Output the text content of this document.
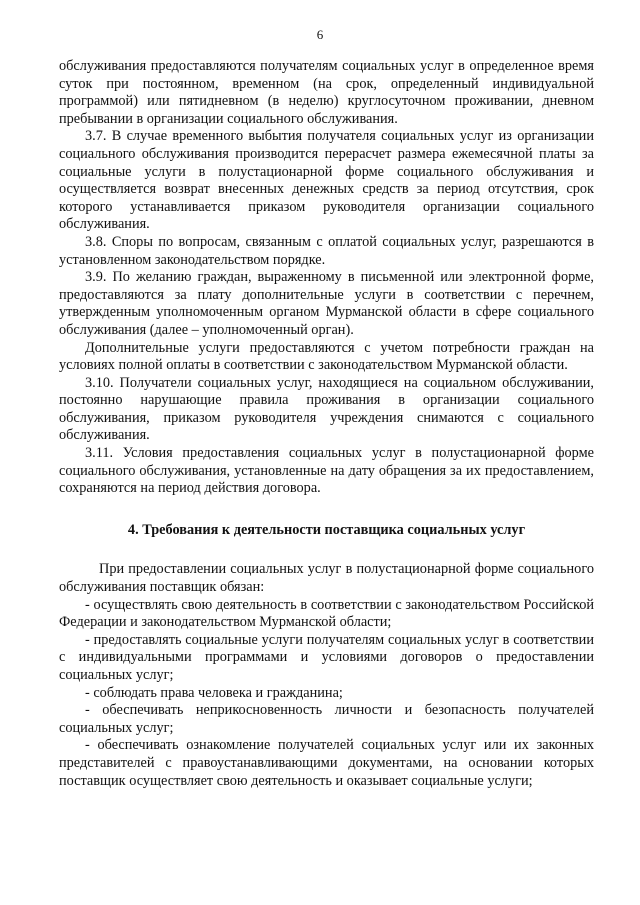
6

обслуживания предоставляются получателям социальных услуг в определенное время суток при постоянном, временном (на срок, определенный индивидуальной программой) или пятидневном (в неделю) круглосуточном проживании, дневном пребывании в организации социального обслуживания.

3.7. В случае временного выбытия получателя социальных услуг из организации социального обслуживания производится перерасчет размера ежемесячной платы за социальные услуги в полустационарной форме социального обслуживания и осуществляется возврат внесенных денежных средств за период отсутствия, срок которого устанавливается приказом руководителя организации социального обслуживания.

3.8. Споры по вопросам, связанным с оплатой социальных услуг, разрешаются в установленном законодательством порядке.

3.9. По желанию граждан, выраженному в письменной или электронной форме, предоставляются за плату дополнительные услуги в соответствии с перечнем, утвержденным уполномоченным органом Мурманской области в сфере социального обслуживания (далее – уполномоченный орган).

Дополнительные услуги предоставляются с учетом потребности граждан на условиях полной оплаты в соответствии с законодательством Мурманской области.

3.10. Получатели социальных услуг, находящиеся на социальном обслуживании, постоянно нарушающие правила проживания в организации социального обслуживания, приказом руководителя учреждения снимаются с социального обслуживания.

3.11. Условия предоставления социальных услуг в полустационарной форме социального обслуживания, установленные на дату обращения за их предоставлением, сохраняются на период действия договора.

4. Требования к деятельности поставщика социальных услуг

При предоставлении социальных услуг в полустационарной форме социального обслуживания поставщик обязан:

- осуществлять свою деятельность в соответствии с законодательством Российской Федерации и законодательством Мурманской области;

- предоставлять социальные услуги получателям социальных услуг в соответствии с индивидуальными программами и условиями договоров о предоставлении социальных услуг;

- соблюдать права человека и гражданина;

- обеспечивать неприкосновенность личности и безопасность получателей социальных услуг;

- обеспечивать ознакомление получателей социальных услуг или их законных представителей с правоустанавливающими документами, на основании которых поставщик осуществляет свою деятельность и оказывает социальные услуги;
